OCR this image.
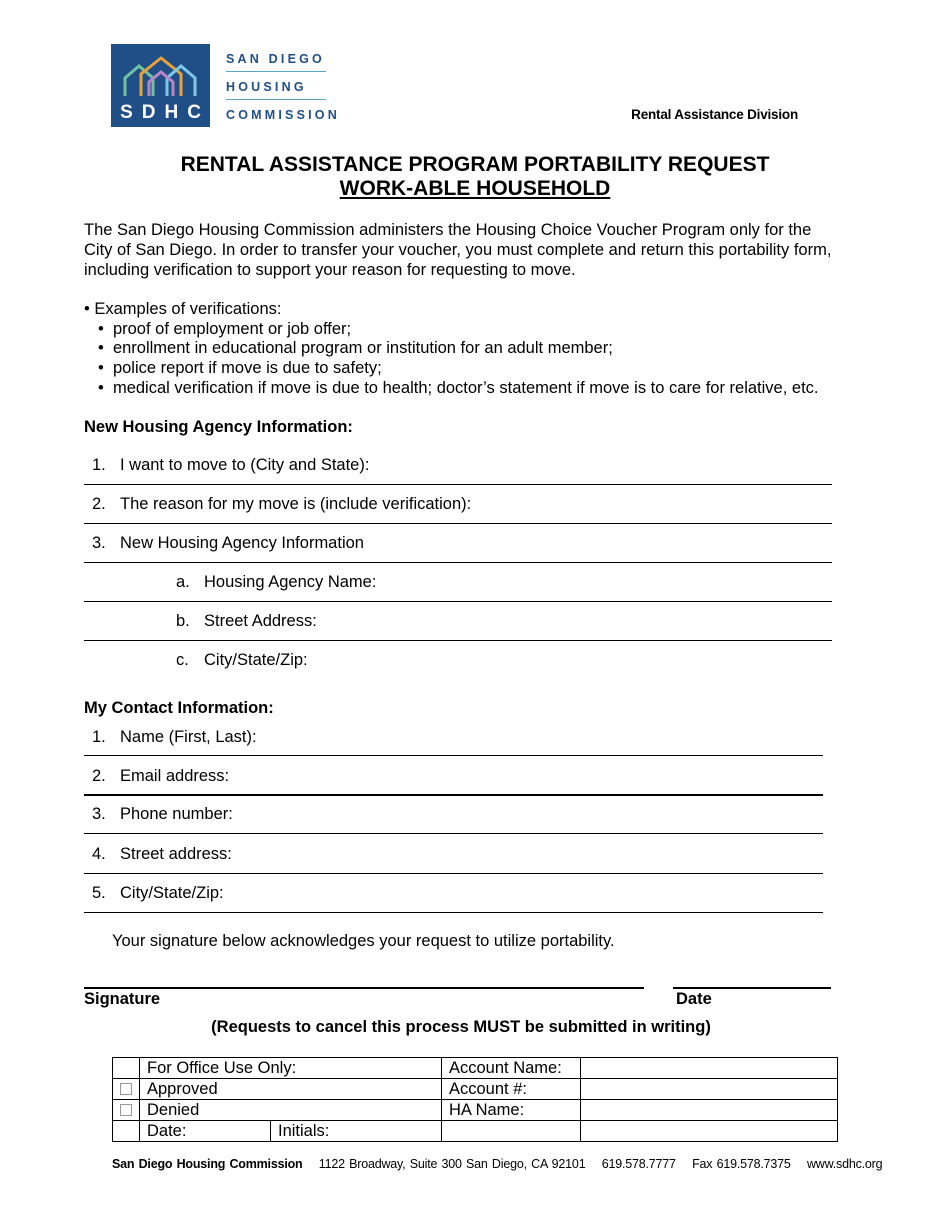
SDHC
SAN DIEGO
HOUSING
COMMISSION	Rental Assistance Division
RENTAL ASSISTANCE PROGRAM PORTABILITY REQUEST
WORK-ABLE HOUSEHOLD
The San Diego Housing Commission administers the Housing Choice Voucher Program only for the City of San Diego. In order to transfer your voucher, you must complete and return this portability form, including verification to support your reason for requesting to move.
• Examples of verifications:
•  proof of employment or job offer;
•  enrollment in educational program or institution for an adult member;
•  police report if move is due to safety;
•  medical verification if move is due to health; doctor’s statement if move is to care for relative, etc.
New Housing Agency Information:
1. I want to move to (City and State):
2. The reason for my move is (include verification):
3. New Housing Agency Information
a. Housing Agency Name:
b. Street Address:
c. City/State/Zip:
My Contact Information:
1. Name (First, Last):
2. Email address:
3. Phone number:
4. Street address:
5. City/State/Zip:
Your signature below acknowledges your request to utilize portability.
Signature	Date
(Requests to cancel this process MUST be submitted in writing)
	For Office Use Only:		Account Name:	
	Approved		Account #:	
	Denied		HA Name:	
	Date:	Initials:		
San Diego Housing Commission 1122 Broadway, Suite 300 San Diego, CA 92101 619.578.7777 Fax 619.578.7375 www.sdhc.org
